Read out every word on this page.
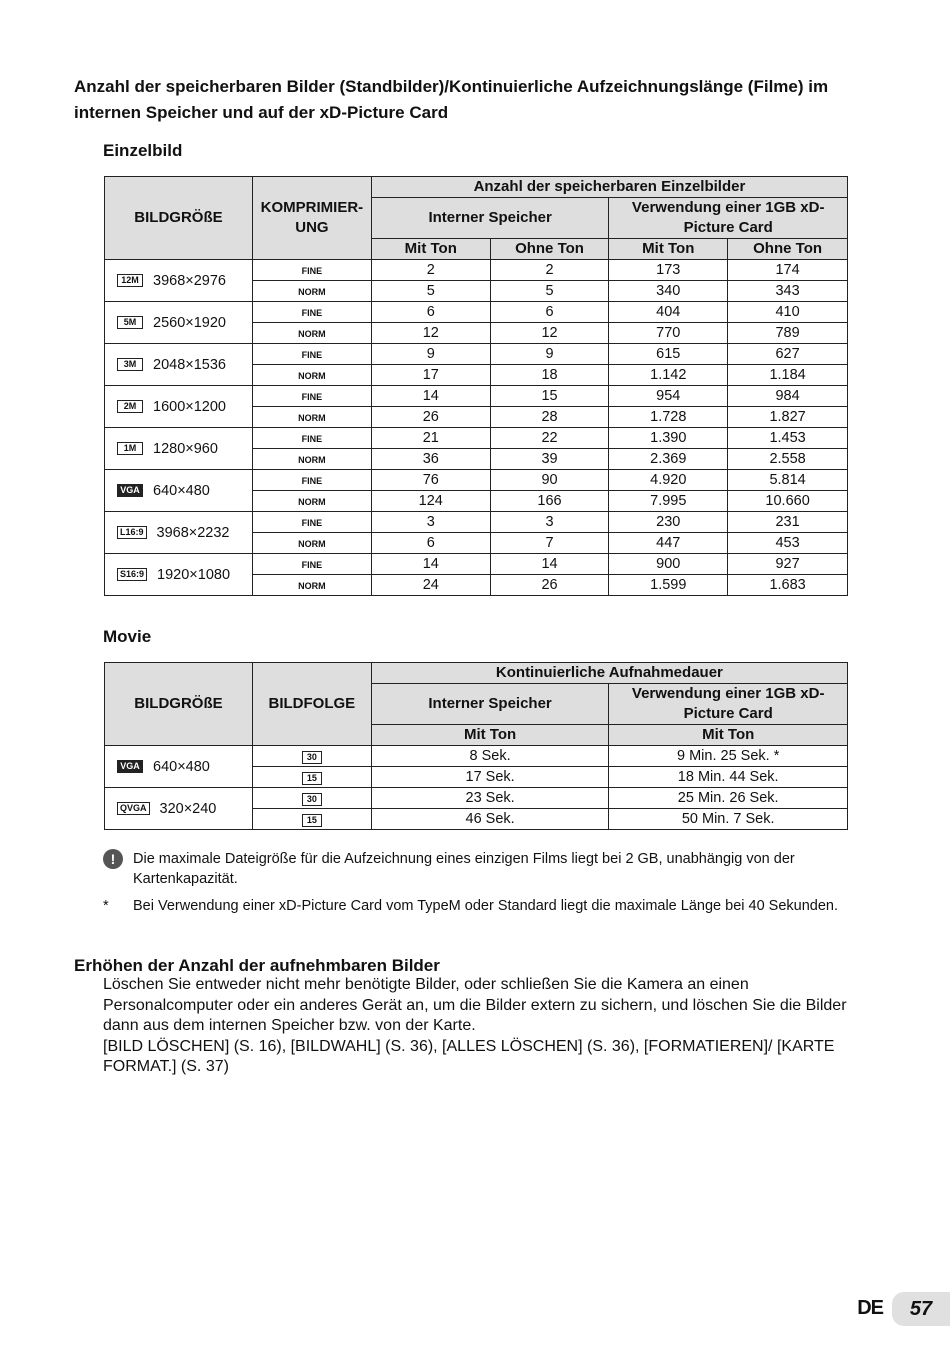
Anzahl der speicherbaren Bilder (Standbilder)/Kontinuierliche Aufzeichnungslänge (Filme) im internen Speicher und auf der xD-Picture Card
Einzelbild
BILDGRÖßE	KOMPRIMIER-UNG	Anzahl der speicherbaren Einzelbilder			
		Interner Speicher		Verwendung einer 1GB xD-Picture Card	
		Mit Ton	Ohne Ton	Mit Ton	Ohne Ton
12M 3968×2976	FINE	2	2	173	174
	NORM	5	5	340	343
5M 2560×1920	FINE	6	6	404	410
	NORM	12	12	770	789
3M 2048×1536	FINE	9	9	615	627
	NORM	17	18	1.142	1.184
2M 1600×1200	FINE	14	15	954	984
	NORM	26	28	1.728	1.827
1M 1280×960	FINE	21	22	1.390	1.453
	NORM	36	39	2.369	2.558
VGA 640×480	FINE	76	90	4.920	5.814
	NORM	124	166	7.995	10.660
L16:9 3968×2232	FINE	3	3	230	231
	NORM	6	7	447	453
S16:9 1920×1080	FINE	14	14	900	927
	NORM	24	26	1.599	1.683
Movie
BILDGRÖßE	BILDFOLGE	Kontinuierliche Aufnahmedauer	
		Interner Speicher	Verwendung einer 1GB xD-Picture Card
		Mit Ton	Mit Ton
VGA 640×480	30	8 Sek.	9 Min. 25 Sek. *
	15	17 Sek.	18 Min. 44 Sek.
QVGA 320×240	30	23 Sek.	25 Min. 26 Sek.
	15	46 Sek.	50 Min. 7 Sek.
!	Die maximale Dateigröße für die Aufzeichnung eines einzigen Films liegt bei 2 GB, unabhängig von der Kartenkapazität.
*	Bei Verwendung einer xD-Picture Card vom TypeM oder Standard liegt die maximale Länge bei 40 Sekunden.
Erhöhen der Anzahl der aufnehmbaren Bilder
Löschen Sie entweder nicht mehr benötigte Bilder, oder schließen Sie die Kamera an einen Personalcomputer oder ein anderes Gerät an, um die Bilder extern zu sichern, und löschen Sie die Bilder dann aus dem internen Speicher bzw. von der Karte.
[BILD LÖSCHEN] (S. 16), [BILDWAHL] (S. 36), [ALLES LÖSCHEN] (S. 36), [FORMATIEREN]/ [KARTE FORMAT.] (S. 37)
DE	57
